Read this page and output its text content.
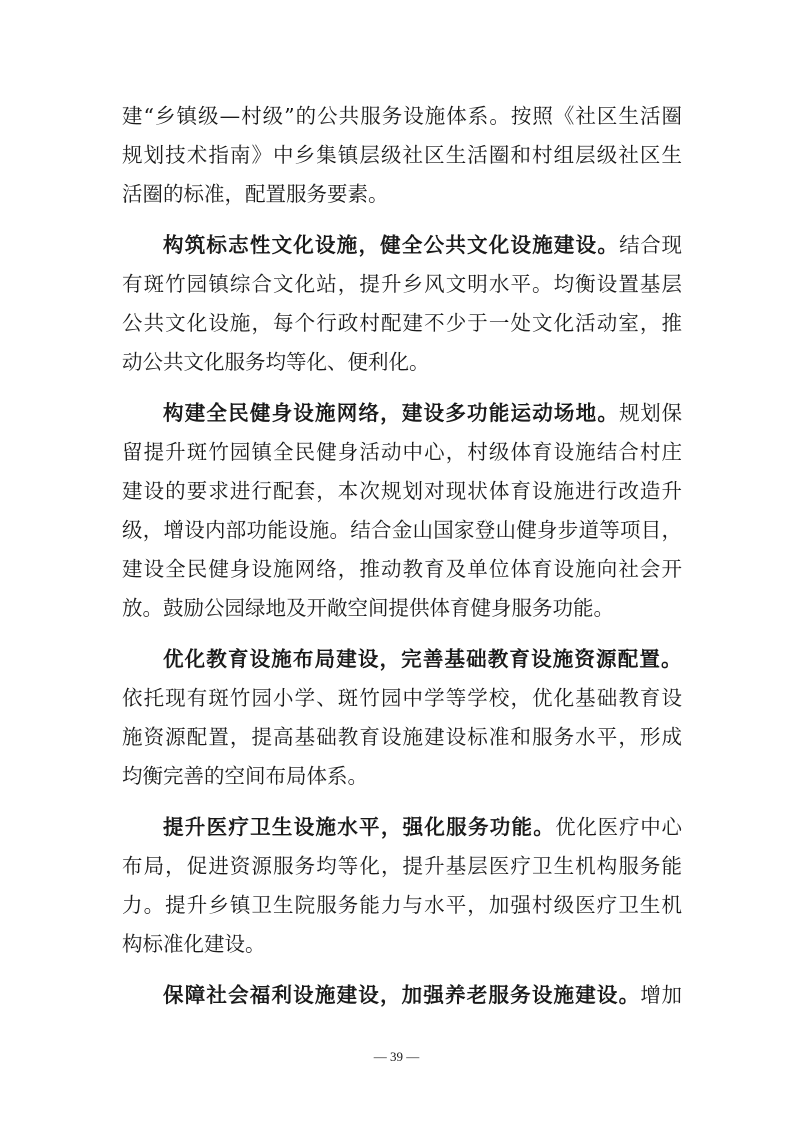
建“乡镇级—村级”的公共服务设施体系。按照《社区生活圈
规划技术指南》中乡集镇层级社区生活圈和村组层级社区生
活圈的标准，配置服务要素。
构筑标志性文化设施，健全公共文化设施建设。结合现
有斑竹园镇综合文化站，提升乡风文明水平。均衡设置基层
公共文化设施，每个行政村配建不少于一处文化活动室，推
动公共文化服务均等化、便利化。
构建全民健身设施网络，建设多功能运动场地。规划保
留提升斑竹园镇全民健身活动中心，村级体育设施结合村庄
建设的要求进行配套，本次规划对现状体育设施进行改造升
级，增设内部功能设施。结合金山国家登山健身步道等项目，
建设全民健身设施网络，推动教育及单位体育设施向社会开
放。鼓励公园绿地及开敞空间提供体育健身服务功能。
优化教育设施布局建设，完善基础教育设施资源配置。
依托现有斑竹园小学、斑竹园中学等学校，优化基础教育设
施资源配置，提高基础教育设施建设标准和服务水平，形成
均衡完善的空间布局体系。
提升医疗卫生设施水平，强化服务功能。优化医疗中心
布局，促进资源服务均等化，提升基层医疗卫生机构服务能
力。提升乡镇卫生院服务能力与水平，加强村级医疗卫生机
构标准化建设。
保障社会福利设施建设，加强养老服务设施建设。增加
— 39 —
